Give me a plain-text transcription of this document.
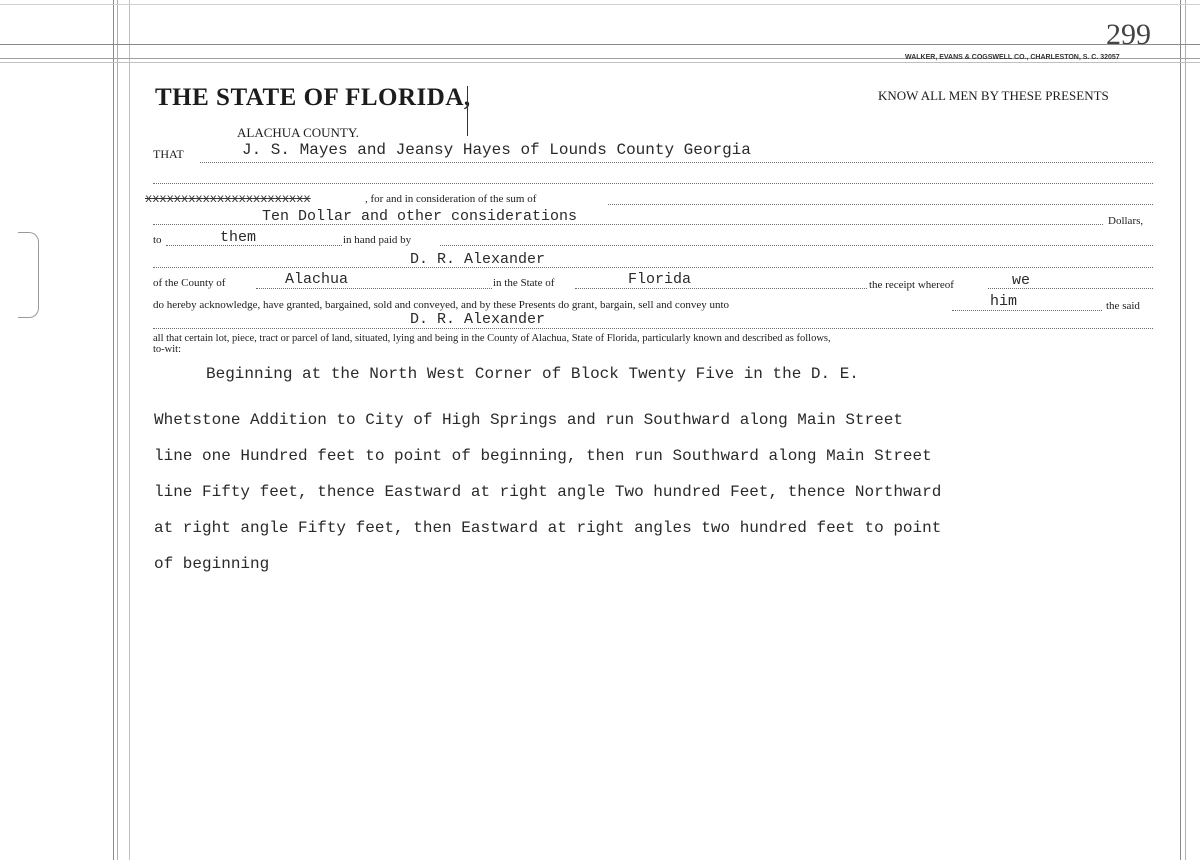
299
WALKER, EVANS & COGSWELL CO., CHARLESTON, S. C. 32057
THE STATE OF FLORIDA,	KNOW ALL MEN BY THESE PRESENTS
ALACHUA COUNTY.
THAT	J. S. Mayes and Jeansy Hayes of Lounds County Georgia
xxxxxxxxxxxxxxxxxxxxxxx	, for and in consideration of the sum of
Ten Dollar and other considerations	Dollars,
to	them	in hand paid by
D. R. Alexander
of the County of	Alachua	in the State of	Florida	the receipt whereof	we
do hereby acknowledge, have granted, bargained, sold and conveyed, and by these Presents do grant, bargain, sell and convey unto	him	the said
D. R. Alexander
all that certain lot, piece, tract or parcel of land, situated, lying and being in the County of Alachua, State of Florida, particularly known and described as follows,
to-wit:
Beginning at the North West Corner of Block Twenty Five in the D. E.
Whetstone Addition to City of High Springs and run Southward along Main Street
line one Hundred feet to point of beginning, then run Southward along Main Street
line Fifty feet, thence Eastward at right angle Two hundred Feet, thence Northward
at right angle Fifty feet, then Eastward at right angles two hundred feet to point
of beginning
